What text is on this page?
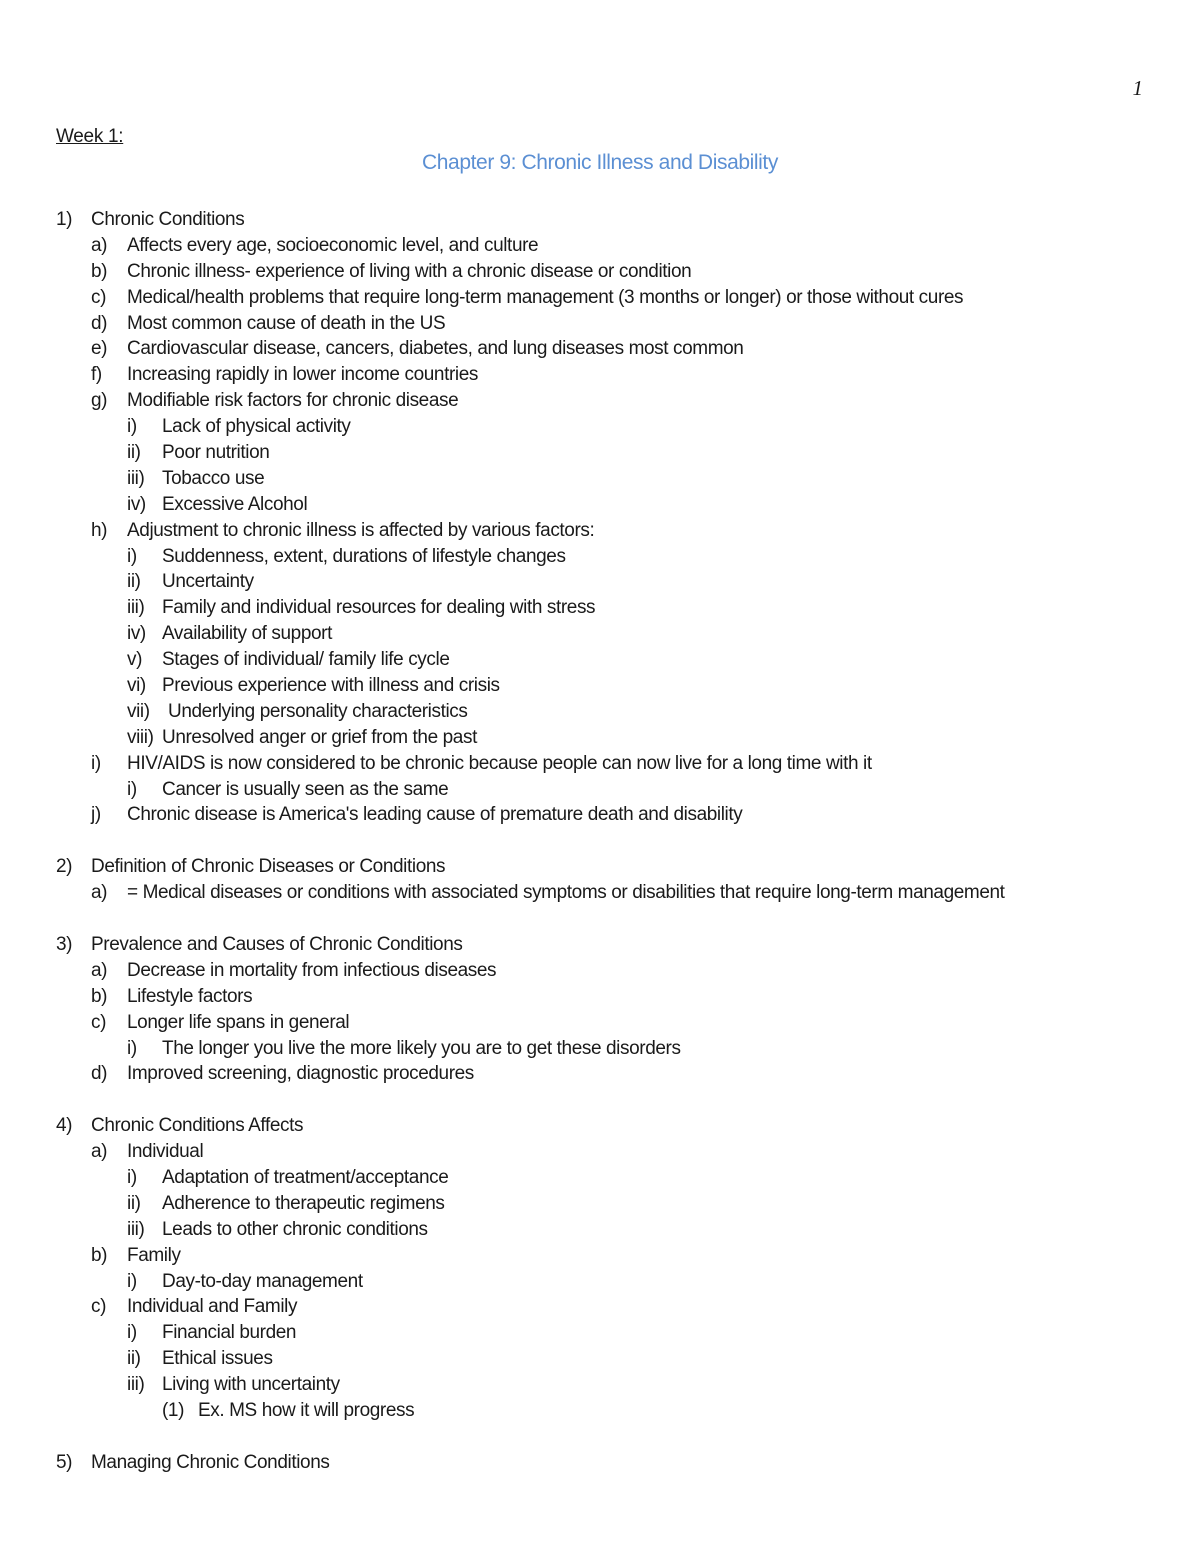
1
Week 1:
Chapter 9: Chronic Illness and Disability
1) Chronic Conditions
a) Affects every age, socioeconomic level, and culture
b) Chronic illness- experience of living with a chronic disease or condition
c) Medical/health problems that require long-term management (3 months or longer) or those without cures
d) Most common cause of death in the US
e) Cardiovascular disease, cancers, diabetes, and lung diseases most common
f) Increasing rapidly in lower income countries
g) Modifiable risk factors for chronic disease
i) Lack of physical activity
ii) Poor nutrition
iii) Tobacco use
iv) Excessive Alcohol
h) Adjustment to chronic illness is affected by various factors:
i) Suddenness, extent, durations of lifestyle changes
ii) Uncertainty
iii) Family and individual resources for dealing with stress
iv) Availability of support
v) Stages of individual/ family life cycle
vi) Previous experience with illness and crisis
vii) Underlying personality characteristics
viii) Unresolved anger or grief from the past
i) HIV/AIDS is now considered to be chronic because people can now live for a long time with it
i) Cancer is usually seen as the same
j) Chronic disease is America's leading cause of premature death and disability
2) Definition of Chronic Diseases or Conditions
a) = Medical diseases or conditions with associated symptoms or disabilities that require long-term management
3) Prevalence and Causes of Chronic Conditions
a) Decrease in mortality from infectious diseases
b) Lifestyle factors
c) Longer life spans in general
i) The longer you live the more likely you are to get these disorders
d) Improved screening, diagnostic procedures
4) Chronic Conditions Affects
a) Individual
i) Adaptation of treatment/acceptance
ii) Adherence to therapeutic regimens
iii) Leads to other chronic conditions
b) Family
i) Day-to-day management
c) Individual and Family
i) Financial burden
ii) Ethical issues
iii) Living with uncertainty
(1) Ex. MS how it will progress
5) Managing Chronic Conditions
